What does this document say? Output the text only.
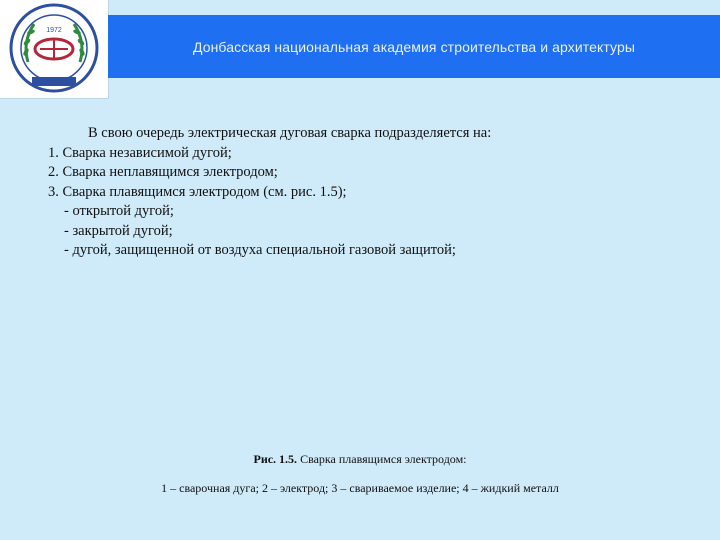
1972
Донбасская национальная академия строительства и архитектуры
В свою очередь электрическая дуговая сварка подразделяется на:
1. Сварка независимой дугой;
2. Сварка неплавящимся электродом;
3. Сварка плавящимся электродом (см. рис. 1.5);
- открытой дугой;
- закрытой дугой;
- дугой, защищенной от воздуха специальной газовой защитой;
Рис. 1.5. Сварка плавящимся электродом:
1 – сварочная дуга; 2 – электрод; 3 – свариваемое изделие; 4 – жидкий металл
